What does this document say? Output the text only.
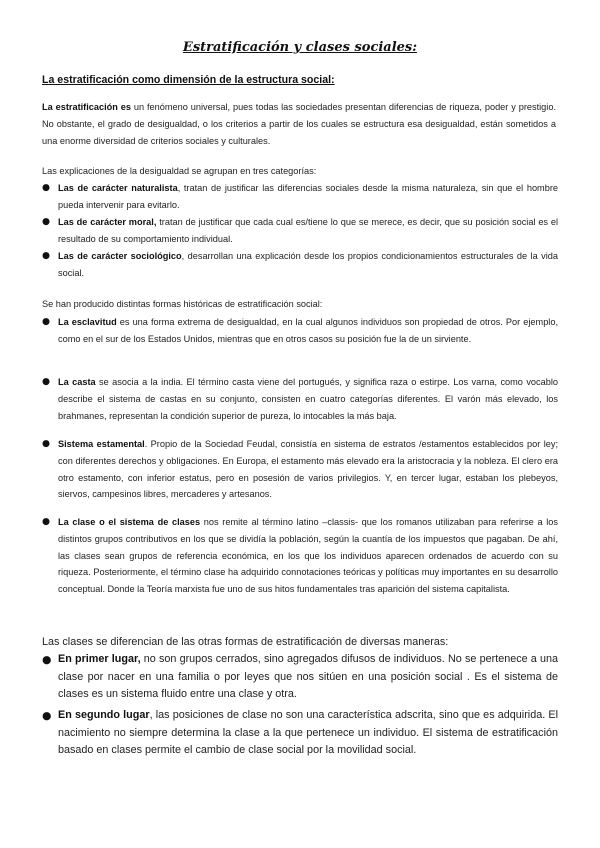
Estratificación y clases sociales:
La estratificación como dimensión de la estructura social:

La estratificación es un fenómeno universal, pues todas las sociedades presentan diferencias de riqueza, poder y prestigio. No obstante, el grado de desigualdad, o los criterios a partir de los cuales se estructura esa desigualdad, están sometidos a una enorme diversidad de criterios sociales y culturales.

Las explicaciones de la desigualdad se agrupan en tres categorías:

● Las de carácter naturalista, tratan de justificar las diferencias sociales desde la misma naturaleza, sin que el hombre pueda intervenir para evitarlo.

● Las de carácter moral, tratan de justificar que cada cual es/tiene lo que se merece, es decir, que su posición social es el resultado de su comportamiento individual.

● Las de carácter sociológico, desarrollan una explicación desde los propios condicionamientos estructurales de la vida social.

Se han producido distintas formas históricas de estratificación social:

● La esclavitud es una forma extrema de desigualdad, en la cual algunos individuos son propiedad de otros. Por ejemplo, como en el sur de los Estados Unidos, mientras que en otros casos su posición fue la de un sirviente.

● La casta se asocia a la india. El término casta viene del portugués, y significa raza o estirpe. Los varna, como vocablo describe el sistema de castas en su conjunto, consisten en cuatro categorías diferentes. El varón más elevado, los brahmanes, representan la condición superior de pureza, lo intocables la más baja.

● Sistema estamental. Propio de la Sociedad Feudal, consistía en sistema de estratos /estamentos establecidos por ley; con diferentes derechos y obligaciones. En Europa, el estamento más elevado era la aristocracia y la nobleza. El clero era otro estamento, con inferior estatus, pero en posesión de varios privilegios. Y, en tercer lugar, estaban los plebeyos, siervos, campesinos libres, mercaderes y artesanos.

● La clase o el sistema de clases nos remite al término latino –classis- que los romanos utilizaban para referirse a los distintos grupos contributivos en los que se dividía la población, según la cuantía de los impuestos que pagaban. De ahí, las clases sean grupos de referencia económica, en los que los individuos aparecen ordenados de acuerdo con su riqueza. Posteriormente, el término clase ha adquirido connotaciones teóricas y políticas muy importantes en su desarrollo conceptual. Donde la Teoría marxista fue uno de sus hitos fundamentales tras aparición del sistema capitalista.

Las clases se diferencian de las otras formas de estratificación de diversas maneras:

● En primer lugar, no son grupos cerrados, sino agregados difusos de individuos. No se pertenece a una clase por nacer en una familia o por leyes que nos sitúen en una posición social . Es el sistema de clases es un sistema fluido entre una clase y otra.

● En segundo lugar, las posiciones de clase no son una característica adscrita, sino que es adquirida. El nacimiento no siempre determina la clase a la que pertenece un individuo. El sistema de estratificación basado en clases permite el cambio de clase social por la movilidad social.
